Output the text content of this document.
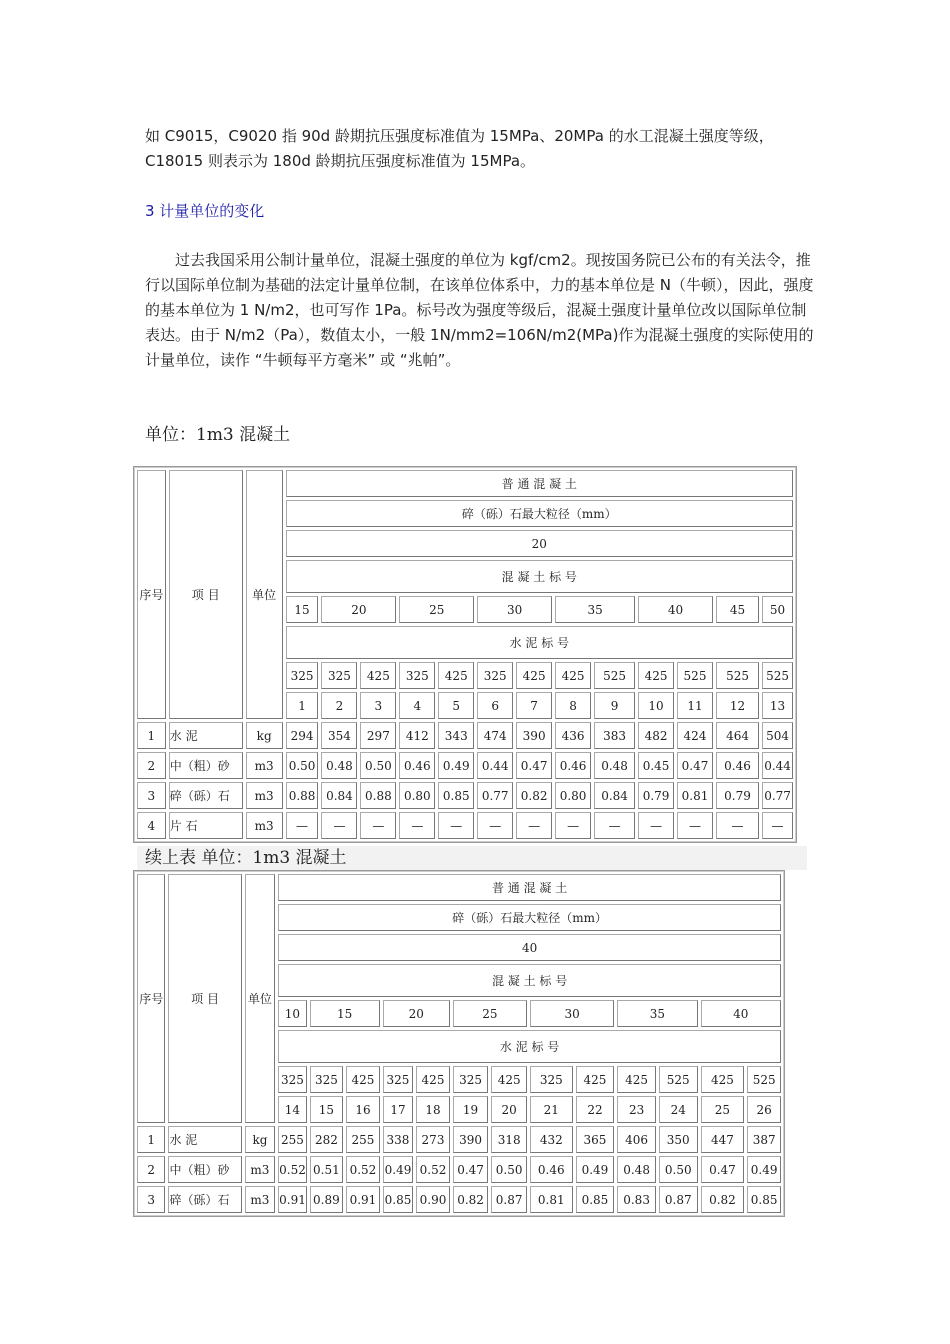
如 C9015，C9020 指 90d 龄期抗压强度标准值为 15MPa、20MPa 的水工混凝土强度等级，C18015 则表示为 180d 龄期抗压强度标准值为 15MPa。
3 计量单位的变化
过去我国采用公制计量单位，混凝土强度的单位为 kgf/cm2。现按国务院已公布的有关法令，推行以国际单位制为基础的法定计量单位制，在该单位体系中，力的基本单位是 N（牛顿），因此，强度的基本单位为 1 N/m2，也可写作 1Pa。标号改为强度等级后，混凝土强度计量单位改以国际单位制表达。由于 N/m2（Pa），数值太小，一般 1N/mm2=106N/m2(MPa)作为混凝土强度的实际使用的计量单位，读作 “牛顿每平方毫米” 或 “兆帕”。
单位：1m3 混凝土
序号	项 目	单位	普 通 混 凝 土												
			碎（砾）石最大粒径（mm）												
			20												
			混 凝 土 标 号												
			15	20		25		30		35		40		45	50
			水 泥 标 号												
			325	325	425	325	425	325	425	425	525	425	525	525	525
			1	2	3	4	5	6	7	8	9	10	11	12	13
1	水 泥	kg	294	354	297	412	343	474	390	436	383	482	424	464	504
2	中（粗）砂	m3	0.50	0.48	0.50	0.46	0.49	0.44	0.47	0.46	0.48	0.45	0.47	0.46	0.44
3	碎（砾）石	m3	0.88	0.84	0.88	0.80	0.85	0.77	0.82	0.80	0.84	0.79	0.81	0.79	0.77
4	片 石	m3	—	—	—	—	—	—	—	—	—	—	—	—	—
续上表 单位：1m3 混凝土
序号	项 目	单位	普 通 混 凝 土												
			碎（砾）石最大粒径（mm）												
			40												
			混 凝 土 标 号												
			10	15		20		25		30		35		40	
			水 泥 标 号												
			325	325	425	325	425	325	425	325	425	425	525	425	525
			14	15	16	17	18	19	20	21	22	23	24	25	26
1	水 泥	kg	255	282	255	338	273	390	318	432	365	406	350	447	387
2	中（粗）砂	m3	0.52	0.51	0.52	0.49	0.52	0.47	0.50	0.46	0.49	0.48	0.50	0.47	0.49
3	碎（砾）石	m3	0.91	0.89	0.91	0.85	0.90	0.82	0.87	0.81	0.85	0.83	0.87	0.82	0.85
